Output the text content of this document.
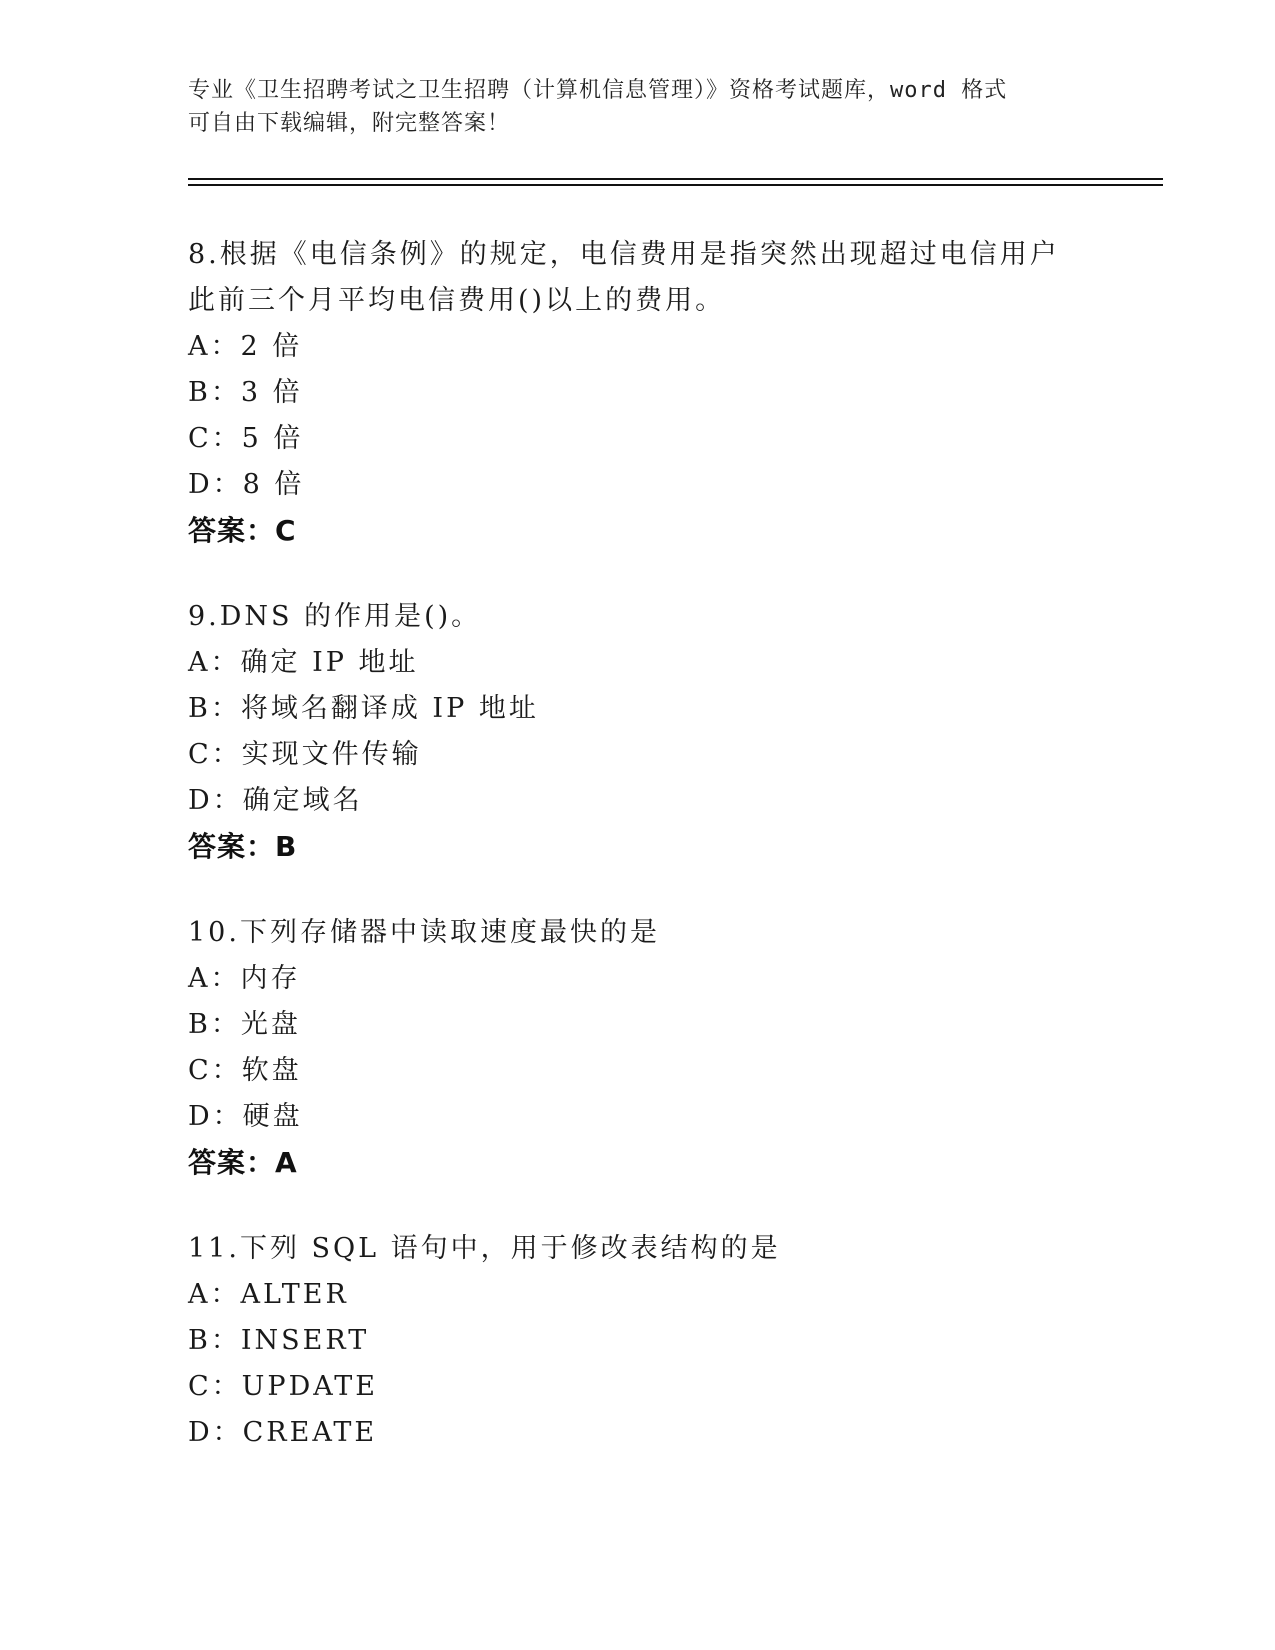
专业《卫生招聘考试之卫生招聘（计算机信息管理）》资格考试题库，word 格式
可自由下载编辑，附完整答案！
8.根据《电信条例》的规定，电信费用是指突然出现超过电信用户此前三个月平均电信费用()以上的费用。
A：2 倍
B：3 倍
C：5 倍
D：8 倍
答案：C
9.DNS 的作用是()。
A：确定 IP 地址
B：将域名翻译成 IP 地址
C：实现文件传输
D：确定域名
答案：B
10.下列存储器中读取速度最快的是
A：内存
B：光盘
C：软盘
D：硬盘
答案：A
11.下列 SQL 语句中，用于修改表结构的是
A：ALTER
B：INSERT
C：UPDATE
D：CREATE
